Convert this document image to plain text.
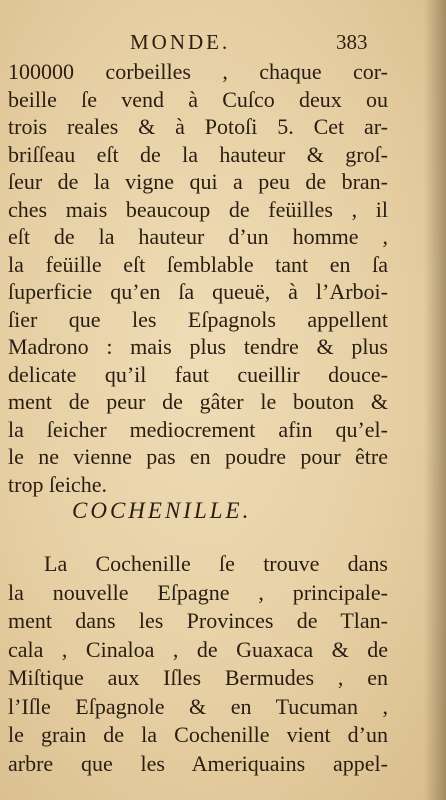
MONDE.	383
100000 corbeilles , chaque cor-
beille ſe vend à Cuſco deux ou
trois reales & à Potoſi 5. Cet ar-
briſſeau eſt de la hauteur & groſ-
ſeur de la vigne qui a peu de bran-
ches mais beaucoup de feüilles , il
eſt de la hauteur d’un homme ,
la feüille eſt ſemblable tant en ſa
ſuperficie qu’en ſa queuë, à l’Arboi-
ſier que les Eſpagnols appellent
Madrono : mais plus tendre & plus
delicate qu’il faut cueillir douce-
ment de peur de gâter le bouton &
la ſeicher mediocrement afin qu’el-
le ne vienne pas en poudre pour être
trop ſeiche.
COCHENILLE.
La Cochenille ſe trouve dans
la nouvelle Eſpagne , principale-
ment dans les Provinces de Tlan-
cala , Cinaloa , de Guaxaca & de
Miſtique aux Iſles Bermudes , en
l’Iſle Eſpagnole & en Tucuman ,
le grain de la Cochenille vient d’un
arbre que les Ameriquains appel-
